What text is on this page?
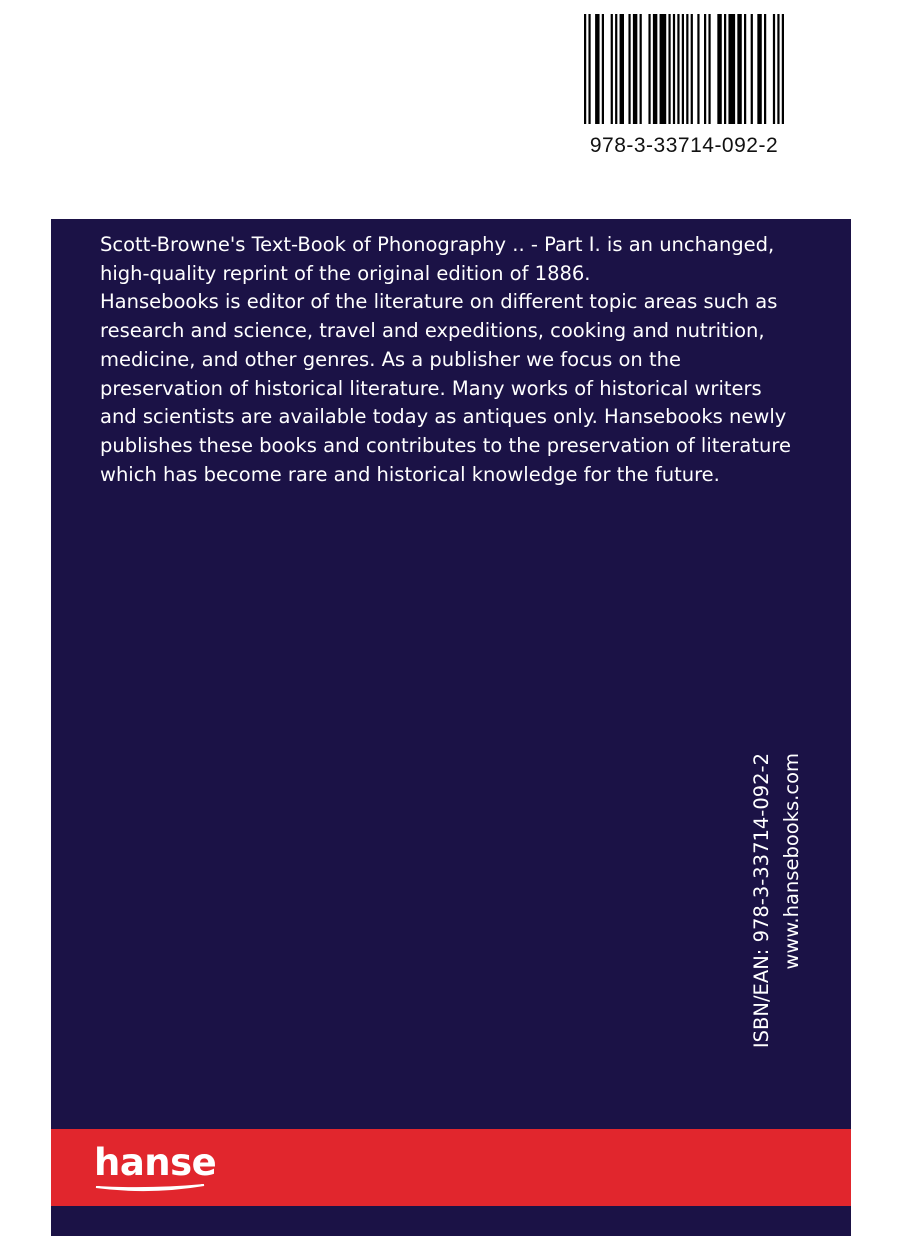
978-3-33714-092-2

Scott-Browne's Text-Book of Phonography .. - Part I. is an unchanged, high-quality reprint of the original edition of 1886.

Hansebooks is editor of the literature on different topic areas such as research and science, travel and expeditions, cooking and nutrition, medicine, and other genres. As a publisher we focus on the preservation of historical literature. Many works of historical writers and scientists are available today as antiques only. Hansebooks newly publishes these books and contributes to the preservation of literature which has become rare and historical knowledge for the future.

ISBN/EAN: 978-3-33714-092-2 www.hansebooks.com
hanse
